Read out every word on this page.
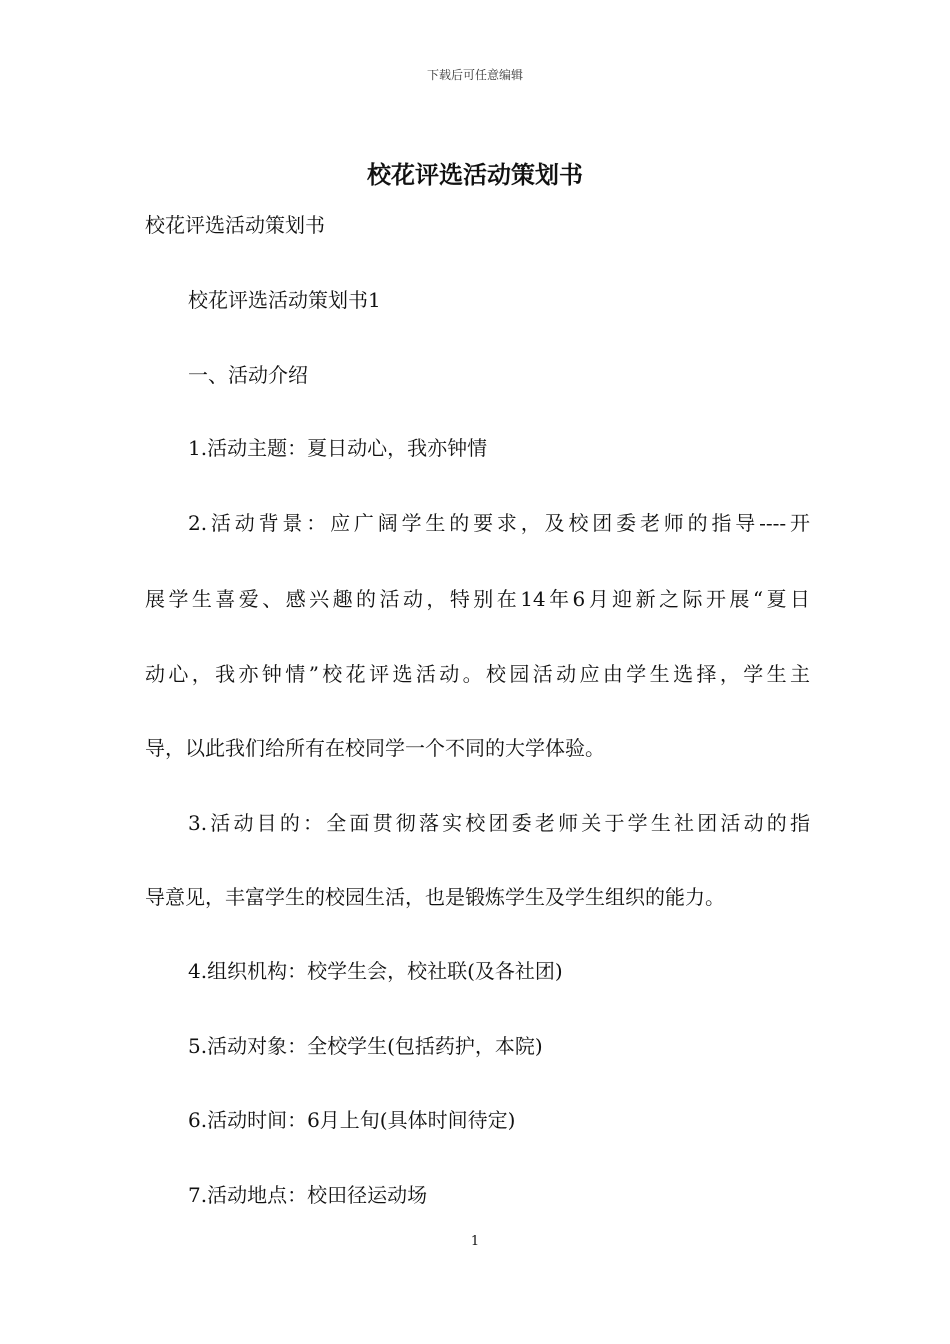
下载后可任意编辑
校花评选活动策划书

校花评选活动策划书

校花评选活动策划书1

一、活动介绍

1.活动主题：夏日动心，我亦钟情

2.活动背景：应广阔学生的要求，及校团委老师的指导----开

展学生喜爱、感兴趣的活动，特别在14年6月迎新之际开展“夏日

动心，我亦钟情”校花评选活动。校园活动应由学生选择，学生主

导，以此我们给所有在校同学一个不同的大学体验。

3.活动目的：全面贯彻落实校团委老师关于学生社团活动的指

导意见，丰富学生的校园生活，也是锻炼学生及学生组织的能力。

4.组织机构：校学生会，校社联(及各社团)

5.活动对象：全校学生(包括药护，本院)

6.活动时间：6月上旬(具体时间待定)

7.活动地点：校田径运动场

1
